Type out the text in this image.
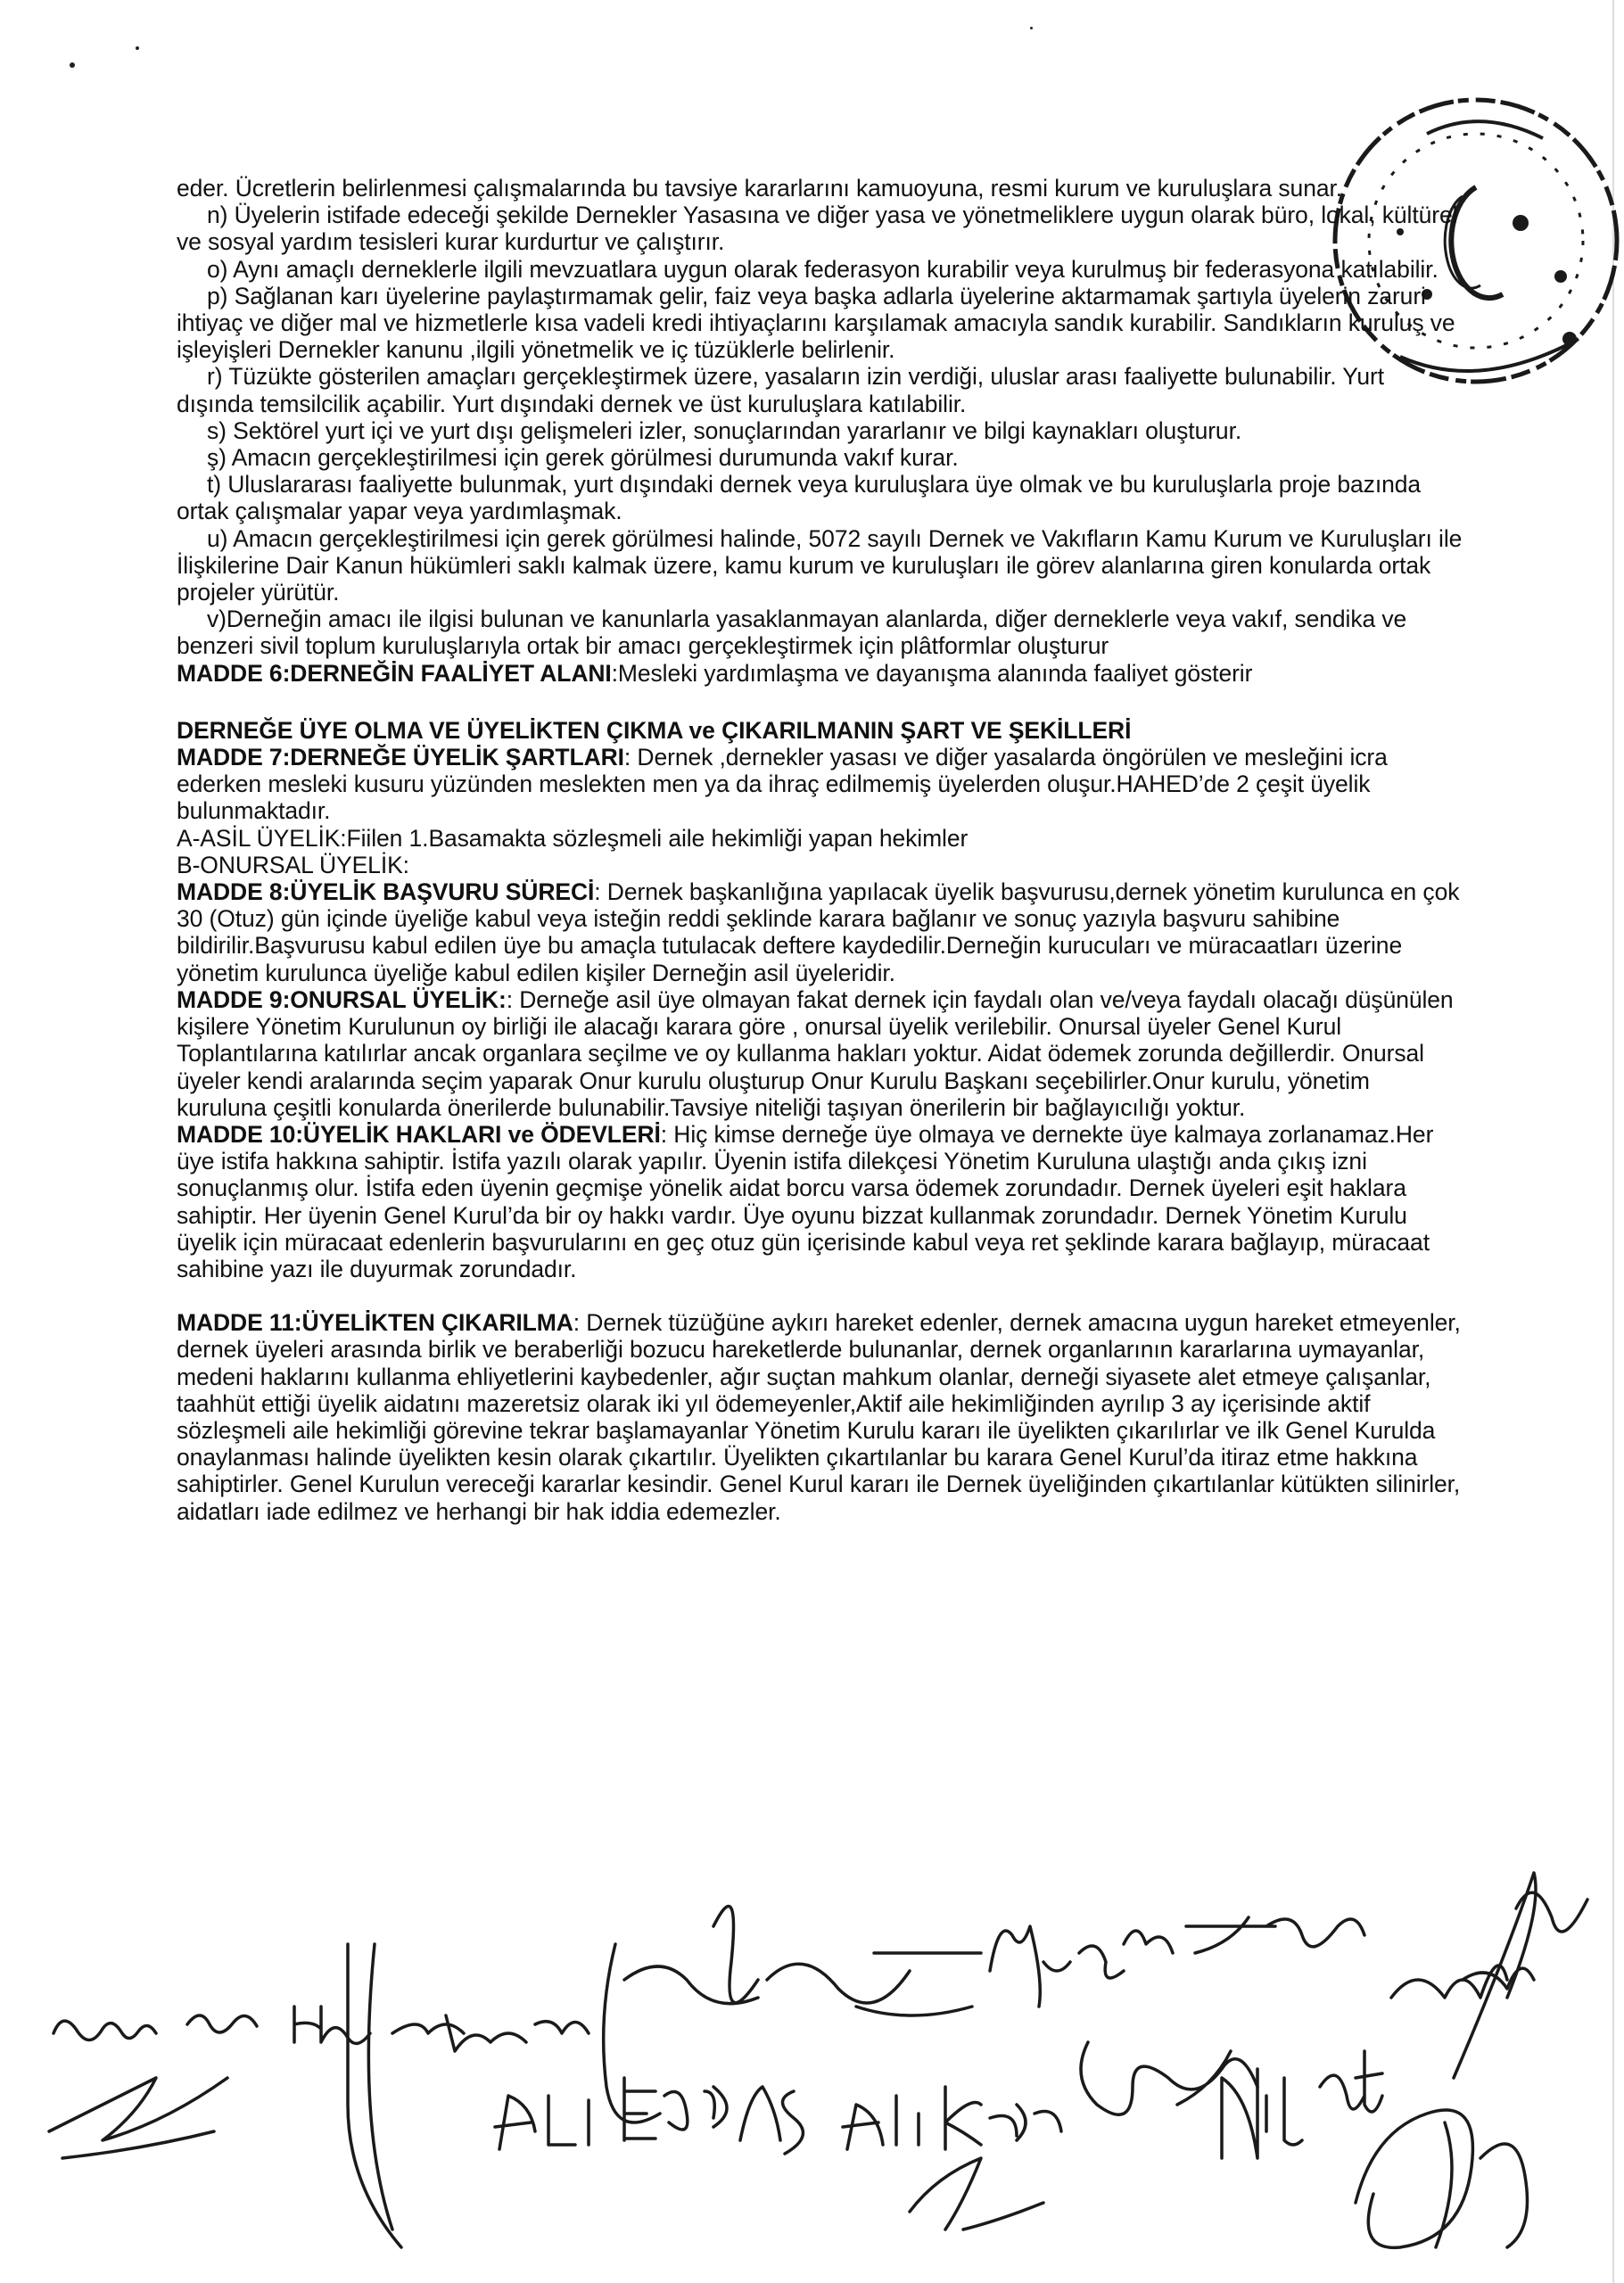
eder. Ücretlerin belirlenmesi çalışmalarında bu tavsiye kararlarını kamuoyuna, resmi kurum ve kuruluşlara sunar.

n) Üyelerin istifade edeceği şekilde Dernekler Yasasına ve diğer yasa ve yönetmeliklere uygun olarak büro, lokal, kültürel ve sosyal yardım tesisleri kurar kurdurtur ve çalıştırır.

o) Aynı amaçlı derneklerle ilgili mevzuatlara uygun olarak federasyon kurabilir veya kurulmuş bir federasyona katılabilir.

p) Sağlanan karı üyelerine paylaştırmamak gelir, faiz veya başka adlarla üyelerine aktarmamak şartıyla üyelerin zaruri ihtiyaç ve diğer mal ve hizmetlerle kısa vadeli kredi ihtiyaçlarını karşılamak amacıyla sandık kurabilir. Sandıkların kuruluş ve işleyişleri Dernekler kanunu ,ilgili yönetmelik ve iç tüzüklerle belirlenir.

r) Tüzükte gösterilen amaçları gerçekleştirmek üzere, yasaların izin verdiği, uluslar arası faaliyette bulunabilir. Yurt dışında temsilcilik açabilir. Yurt dışındaki dernek ve üst kuruluşlara katılabilir.

s) Sektörel yurt içi ve yurt dışı gelişmeleri izler, sonuçlarından yararlanır ve bilgi kaynakları oluşturur.

ş) Amacın gerçekleştirilmesi için gerek görülmesi durumunda vakıf kurar.

t) Uluslararası faaliyette bulunmak, yurt dışındaki dernek veya kuruluşlara üye olmak ve bu kuruluşlarla proje bazında ortak çalışmalar yapar veya yardımlaşmak.

u) Amacın gerçekleştirilmesi için gerek görülmesi halinde, 5072 sayılı Dernek ve Vakıfların Kamu Kurum ve Kuruluşları ile İlişkilerine Dair Kanun hükümleri saklı kalmak üzere, kamu kurum ve kuruluşları ile görev alanlarına giren konularda ortak projeler yürütür.

v)Derneğin amacı ile ilgisi bulunan ve kanunlarla yasaklanmayan alanlarda, diğer derneklerle veya vakıf, sendika ve benzeri sivil toplum kuruluşlarıyla ortak bir amacı gerçekleştirmek için plâtformlar oluşturur

MADDE 6:DERNEĞİN FAALİYET ALANI:Mesleki yardımlaşma ve dayanışma alanında faaliyet gösterir

DERNEĞE ÜYE OLMA VE ÜYELİKTEN ÇIKMA ve ÇIKARILMANIN ŞART VE ŞEKİLLERİ

MADDE 7:DERNEĞE ÜYELİK ŞARTLARI: Dernek ,dernekler yasası ve diğer yasalarda öngörülen ve mesleğini icra ederken mesleki kusuru yüzünden meslekten men ya da ihraç edilmemiş üyelerden oluşur.HAHED’de 2 çeşit üyelik bulunmaktadır.

A-ASİL ÜYELİK:Fiilen 1.Basamakta sözleşmeli aile hekimliği yapan hekimler

B-ONURSAL ÜYELİK:

MADDE 8:ÜYELİK BAŞVURU SÜRECİ: Dernek başkanlığına yapılacak üyelik başvurusu,dernek yönetim kurulunca en çok 30 (Otuz) gün içinde üyeliğe kabul veya isteğin reddi şeklinde karara bağlanır ve sonuç yazıyla başvuru sahibine bildirilir.Başvurusu kabul edilen üye bu amaçla tutulacak deftere kaydedilir.Derneğin kurucuları ve müracaatları üzerine yönetim kurulunca üyeliğe kabul edilen kişiler Derneğin asil üyeleridir.

MADDE 9:ONURSAL ÜYELİK:: Derneğe asil üye olmayan fakat dernek için faydalı olan ve/veya faydalı olacağı düşünülen kişilere Yönetim Kurulunun oy birliği ile alacağı karara göre , onursal üyelik verilebilir. Onursal üyeler Genel Kurul Toplantılarına katılırlar ancak organlara seçilme ve oy kullanma hakları yoktur. Aidat ödemek zorunda değillerdir. Onursal üyeler kendi aralarında seçim yaparak Onur kurulu oluşturup Onur Kurulu Başkanı seçebilirler.Onur kurulu, yönetim kuruluna çeşitli konularda önerilerde bulunabilir.Tavsiye niteliği taşıyan önerilerin bir bağlayıcılığı yoktur.

MADDE 10:ÜYELİK HAKLARI ve ÖDEVLERİ: Hiç kimse derneğe üye olmaya ve dernekte üye kalmaya zorlanamaz.Her üye istifa hakkına sahiptir. İstifa yazılı olarak yapılır. Üyenin istifa dilekçesi Yönetim Kuruluna ulaştığı anda çıkış izni sonuçlanmış olur. İstifa eden üyenin geçmişe yönelik aidat borcu varsa ödemek zorundadır. Dernek üyeleri eşit haklara sahiptir. Her üyenin Genel Kurul’da bir oy hakkı vardır. Üye oyunu bizzat kullanmak zorundadır. Dernek Yönetim Kurulu üyelik için müracaat edenlerin başvurularını en geç otuz gün içerisinde kabul veya ret şeklinde karara bağlayıp, müracaat sahibine yazı ile duyurmak zorundadır.

MADDE 11:ÜYELİKTEN ÇIKARILMA: Dernek tüzüğüne aykırı hareket edenler, dernek amacına uygun hareket etmeyenler, dernek üyeleri arasında birlik ve beraberliği bozucu hareketlerde bulunanlar, dernek organlarının kararlarına uymayanlar, medeni haklarını kullanma ehliyetlerini kaybedenler, ağır suçtan mahkum olanlar, derneği siyasete alet etmeye çalışanlar, taahhüt ettiği üyelik aidatını mazeretsiz olarak iki yıl ödemeyenler,Aktif aile hekimliğinden ayrılıp 3 ay içerisinde aktif sözleşmeli aile hekimliği görevine tekrar başlamayanlar Yönetim Kurulu kararı ile üyelikten çıkarılırlar ve ilk Genel Kurulda onaylanması halinde üyelikten kesin olarak çıkartılır. Üyelikten çıkartılanlar bu karara Genel Kurul’da itiraz etme hakkına sahiptirler. Genel Kurulun vereceği kararlar kesindir. Genel Kurul kararı ile Dernek üyeliğinden çıkartılanlar kütükten silinirler, aidatları iade edilmez ve herhangi bir hak iddia edemezler.

Hale Kıncıoğlu
